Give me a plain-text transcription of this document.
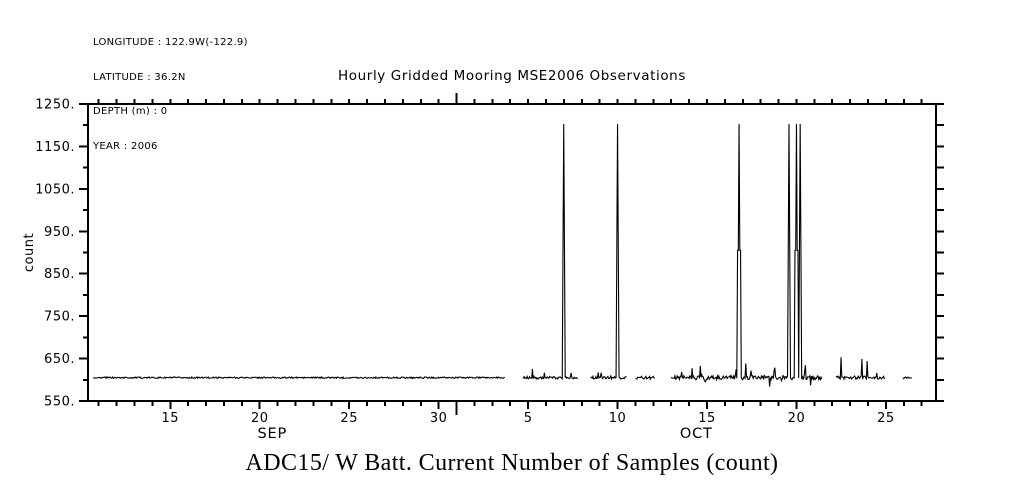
LONGITUDE : 122.9W(-122.9)

LATITUDE : 36.2N

DEPTH (m) : 0

YEAR : 2006

Hourly Gridded Mooring MSE2006 Observations
550.
650.
750.
850.
950.
1050.
1150.
1250.
count
15	20	25	30	5	10	15	20	25
SEP	OCT
ADC15/ W Batt. Current Number of Samples (count)
